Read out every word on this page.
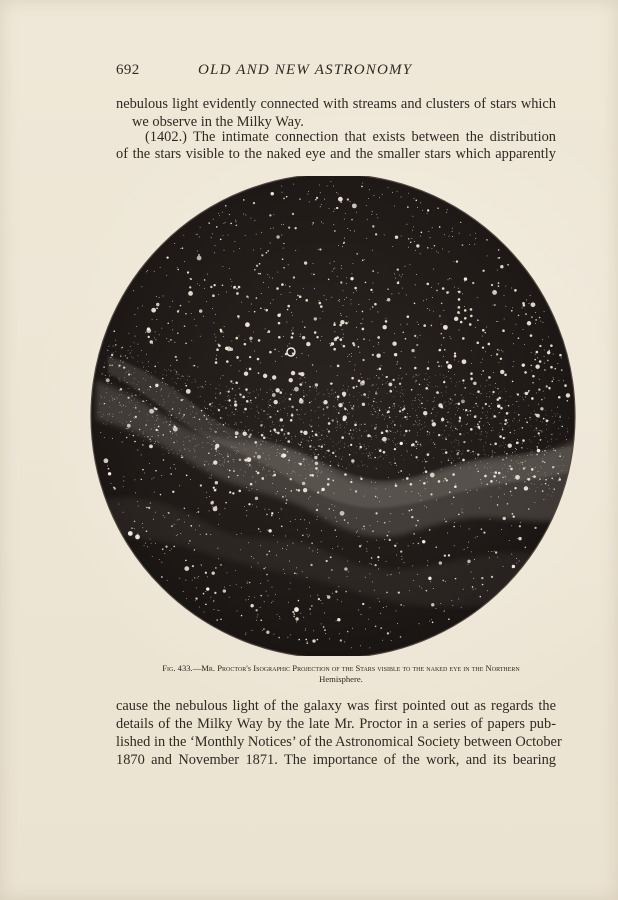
692	OLD AND NEW ASTRONOMY
nebulous light evidently connected with streams and clusters of stars which
we observe in the Milky Way.
(1402.) The intimate connection that exists between the distribution
of the stars visible to the naked eye and the smaller stars which apparently
Fig. 433.—Mr. Proctor's Isographic Projection of the Stars visible to the naked eye in the Northern
Hemisphere.
cause the nebulous light of the galaxy was first pointed out as regards the
details of the Milky Way by the late Mr. Proctor in a series of papers pub-
lished in the ‘Monthly Notices’ of the Astronomical Society between October
1870 and November 1871. The importance of the work, and its bearing
